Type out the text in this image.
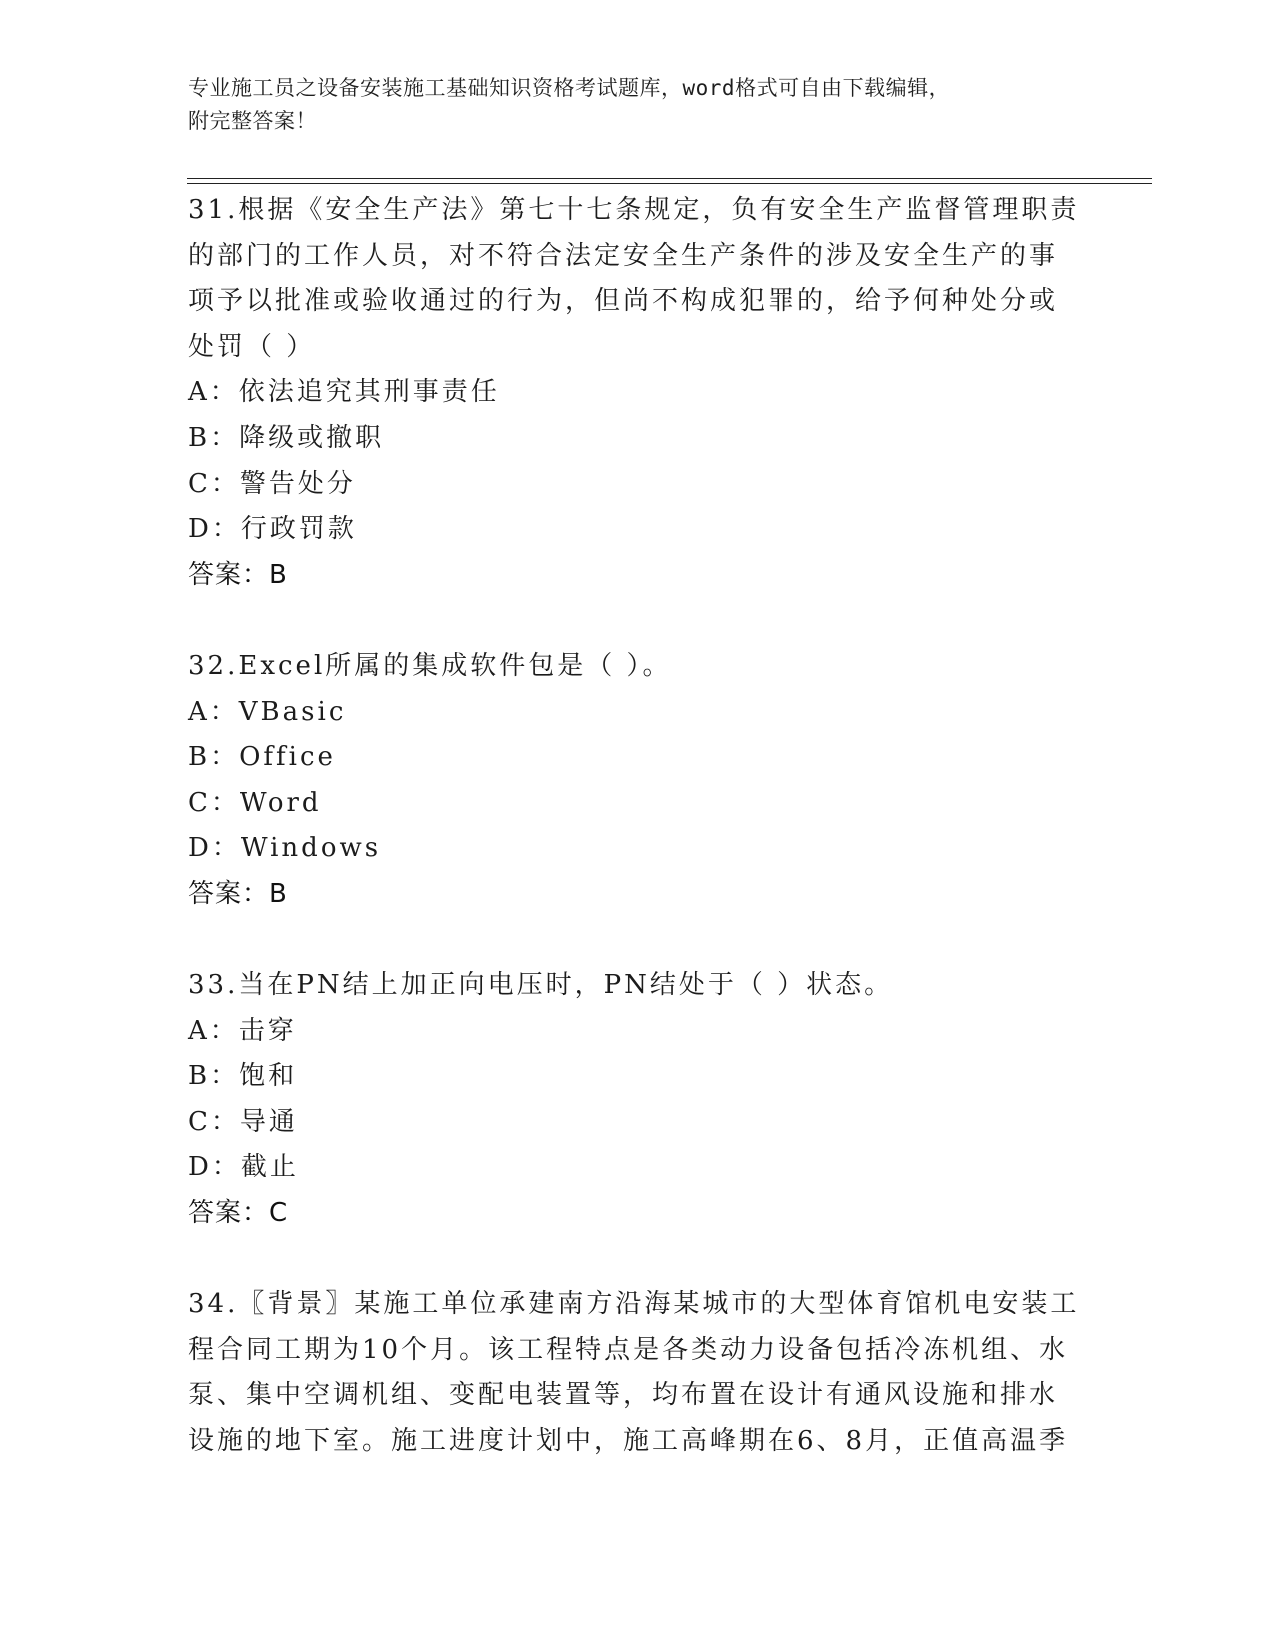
专业施工员之设备安装施工基础知识资格考试题库，word格式可自由下载编辑，
附完整答案！
31.根据《安全生产法》第七十七条规定，负有安全生产监督管理职责
的部门的工作人员，对不符合法定安全生产条件的涉及安全生产的事
项予以批准或验收通过的行为，但尚不构成犯罪的，给予何种处分或
处罚（ ）
A：依法追究其刑事责任
B：降级或撤职
C：警告处分
D：行政罚款
答案：B
32.Excel所属的集成软件包是（ ）。
A：VBasic
B：Office
C：Word
D：Windows
答案：B
33.当在PN结上加正向电压时，PN结处于（ ）状态。
A：击穿
B：饱和
C：导通
D：截止
答案：C
34.〖背景〗某施工单位承建南方沿海某城市的大型体育馆机电安装工
程合同工期为10个月。该工程特点是各类动力设备包括冷冻机组、水
泵、集中空调机组、变配电装置等，均布置在设计有通风设施和排水
设施的地下室。施工进度计划中，施工高峰期在6、8月，正值高温季
